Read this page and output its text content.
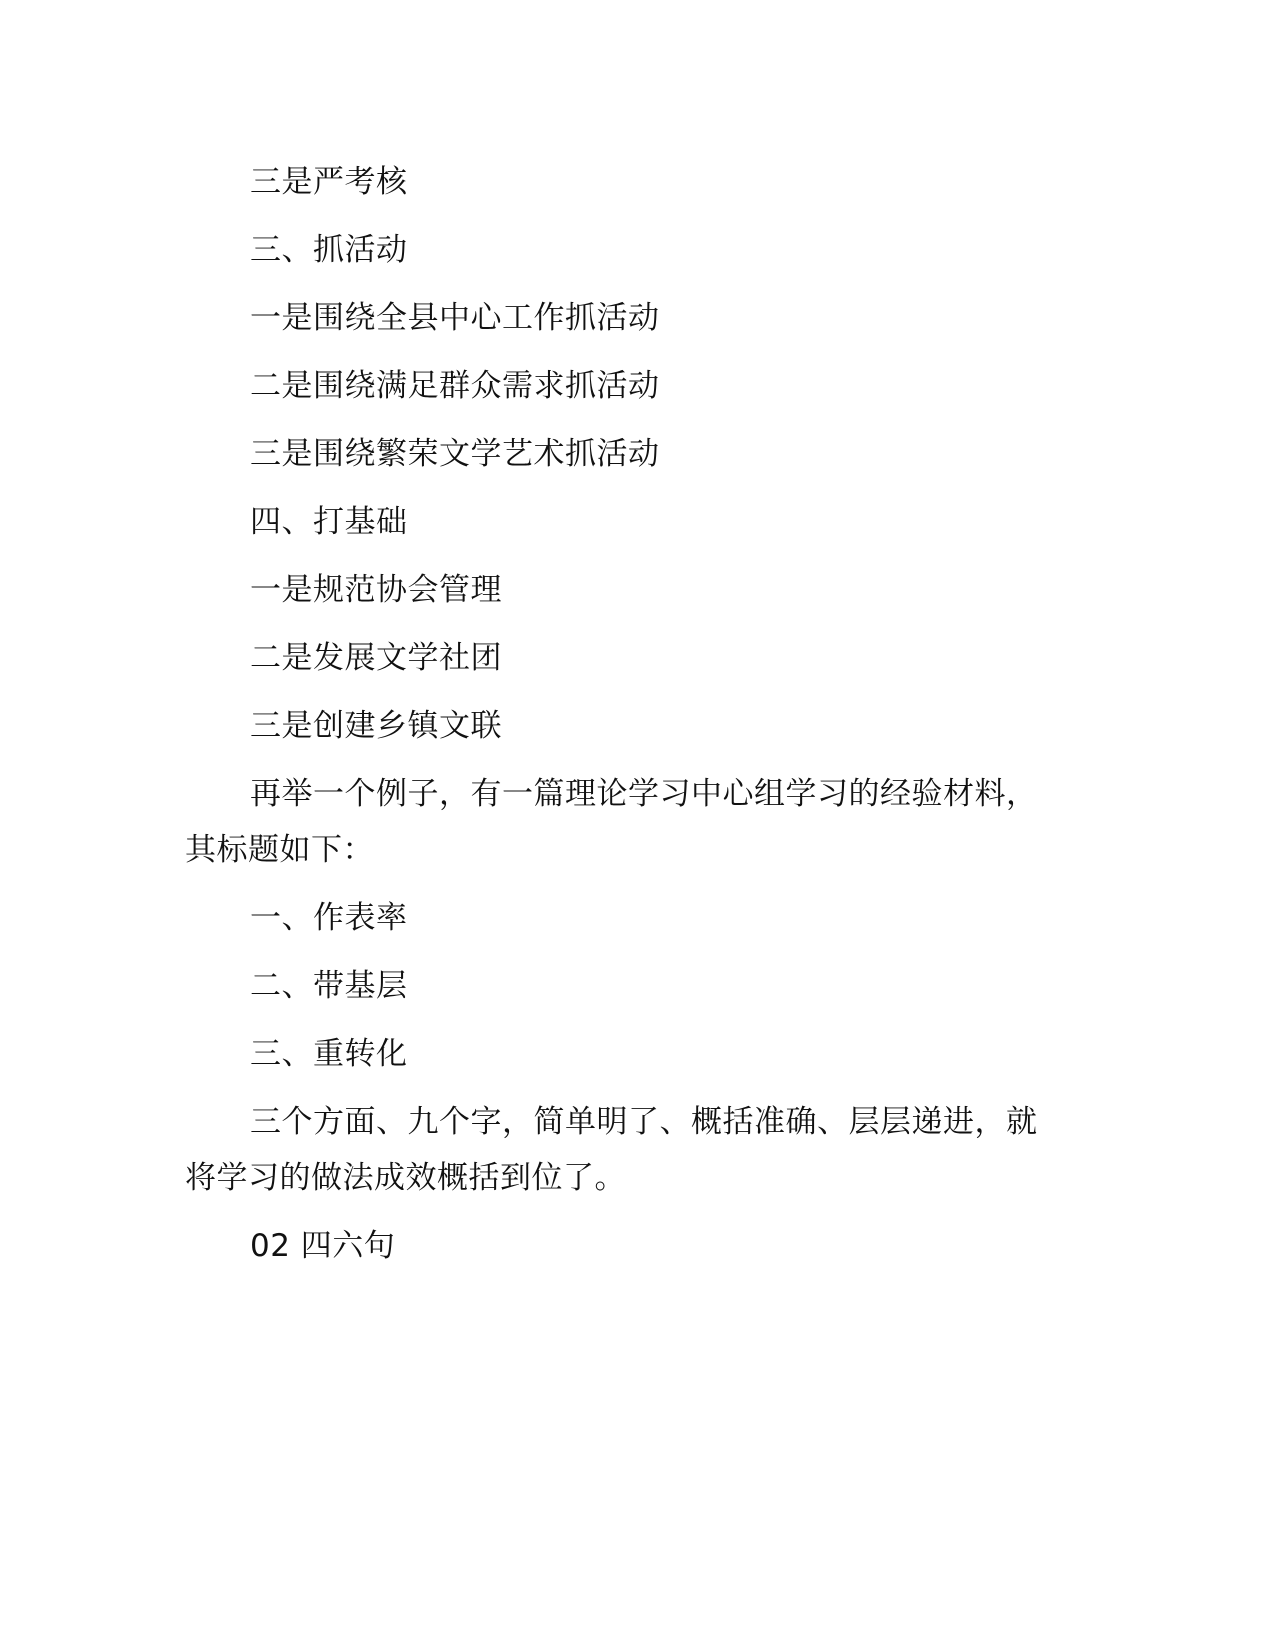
三是严考核
三、抓活动
一是围绕全县中心工作抓活动
二是围绕满足群众需求抓活动
三是围绕繁荣文学艺术抓活动
四、打基础
一是规范协会管理
二是发展文学社团
三是创建乡镇文联
再举一个例子，有一篇理论学习中心组学习的经验材料，
其标题如下：
一、作表率
二、带基层
三、重转化
三个方面、九个字，简单明了、概括准确、层层递进，就
将学习的做法成效概括到位了。
02 四六句
